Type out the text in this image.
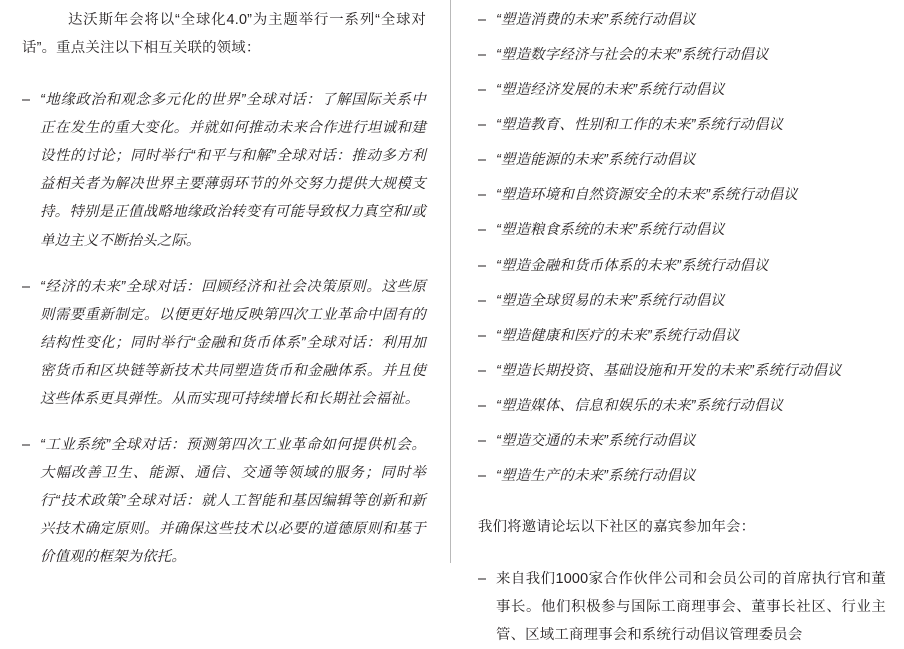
达沃斯年会将以“全球化4.0”为主题举行一系列“全球对话”。重点关注以下相互关联的领域：

– “地缘政治和观念多元化的世界”全球对话：了解国际关系中正在发生的重大变化。并就如何推动未来合作进行坦诚和建设性的讨论；同时举行“和平与和解”全球对话：推动多方利益相关者为解决世界主要薄弱环节的外交努力提供大规模支持。特别是正值战略地缘政治转变有可能导致权力真空和/或单边主义不断抬头之际。
– “经济的未来”全球对话：回顾经济和社会决策原则。这些原则需要重新制定。以便更好地反映第四次工业革命中固有的结构性变化；同时举行“金融和货币体系”全球对话：利用加密货币和区块链等新技术共同塑造货币和金融体系。并且使这些体系更具弹性。从而实现可持续增长和长期社会福祉。
– “工业系统”全球对话：预测第四次工业革命如何提供机会。大幅改善卫生、能源、通信、交通等领域的服务；同时举行“技术政策”全球对话：就人工智能和基因编辑等创新和新兴技术确定原则。并确保这些技术以必要的道德原则和基于价值观的框架为依托。
– “塑造消费的未来”系统行动倡议
– “塑造数字经济与社会的未来”系统行动倡议
– “塑造经济发展的未来”系统行动倡议
– “塑造教育、性别和工作的未来”系统行动倡议
– “塑造能源的未来”系统行动倡议
– “塑造环境和自然资源安全的未来”系统行动倡议
– “塑造粮食系统的未来”系统行动倡议
– “塑造金融和货币体系的未来”系统行动倡议
– “塑造全球贸易的未来”系统行动倡议
– “塑造健康和医疗的未来”系统行动倡议
– “塑造长期投资、基础设施和开发的未来”系统行动倡议
– “塑造媒体、信息和娱乐的未来”系统行动倡议
– “塑造交通的未来”系统行动倡议
– “塑造生产的未来”系统行动倡议

我们将邀请论坛以下社区的嘉宾参加年会：

– 来自我们1000家合作伙伴公司和会员公司的首席执行官和董事长。他们积极参与国际工商理事会、董事长社区、行业主管、区域工商理事会和系统行动倡议管理委员会
